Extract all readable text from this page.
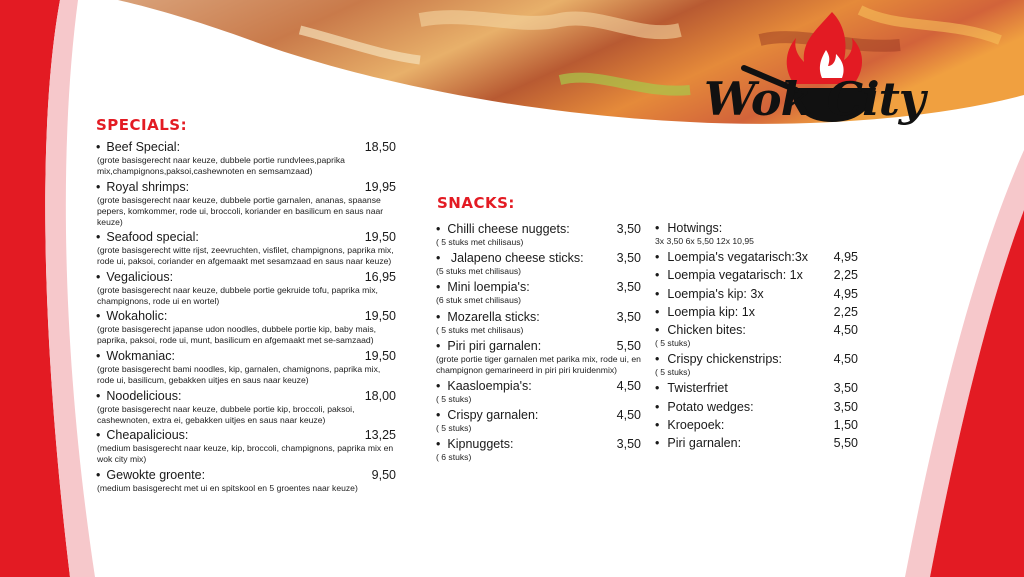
Wok City
SPECIALS:
• Beef Special:	18,50
(grote basisgerecht naar keuze, dubbele portie rundvlees,paprika mix,champignons,paksoi,cashewnoten en semsamzaad)
• Royal shrimps:	19,95
(grote basisgerecht naar keuze, dubbele portie garnalen, ananas, spaanse pepers, komkommer, rode ui, broccoli, koriander en basilicum en saus naar keuze)
• Seafood special:	19,50
(grote basisgerecht witte rijst, zeevruchten, visfilet, champignons, paprika mix, rode ui, paksoi, coriander en afgemaakt met sesamzaad en saus naar keuze)
• Vegalicious:	16,95
(grote basisgerecht naar keuze, dubbele portie gekruide tofu, paprika mix, champignons, rode ui en wortel)
• Wokaholic:	19,50
(grote basisgerecht japanse udon noodles, dubbele portie kip, baby mais, paprika, paksoi, rode ui, munt, basilicum en afgemaakt met se-samzaad)
• Wokmaniac:	19,50
(grote basisgerecht bami noodles, kip, garnalen, chamignons, paprika mix, rode ui, basilicum, gebakken uitjes en saus naar keuze)
• Noodelicious:	18,00
(grote basisgerecht naar keuze, dubbele portie kip, broccoli, paksoi, cashewnoten, extra ei, gebakken uitjes en saus naar keuze)
• Cheapalicious:	13,25
(medium basisgerecht naar keuze, kip, broccoli, champignons, paprika mix en wok city mix)
• Gewokte groente:	9,50
(medium basisgerecht met ui en spitskool en 5 groentes naar keuze)
SNACKS:
• Chilli cheese nuggets:	3,50
( 5 stuks met chilisaus)
• Jalapeno cheese sticks:	3,50
(5 stuks met chilisaus)
• Mini loempia's:	3,50
(6 stuk smet chilisaus)
• Mozarella sticks:	3,50
( 5 stuks met chilisaus)
• Piri piri garnalen:	5,50
(grote portie tiger garnalen met parika mix, rode ui, en champignon gemarineerd in piri piri kruidenmix)
• Kaasloempia's:	4,50
( 5 stuks)
• Crispy garnalen:	4,50
( 5 stuks)
• Kipnuggets:	3,50
( 6 stuks)
• Hotwings:
3x 3,50 6x 5,50 12x 10,95
• Loempia's vegatarisch:3x 4,95
• Loempia vegatarisch: 1x 2,25
• Loempia's kip: 3x	4,95
• Loempia kip: 1x	2,25
• Chicken bites:	4,50
( 5 stuks)
• Crispy chickenstrips:	4,50
( 5 stuks)
• Twisterfriet	3,50
• Potato wedges:	3,50
• Kroepoek:	1,50
• Piri garnalen:	5,50
